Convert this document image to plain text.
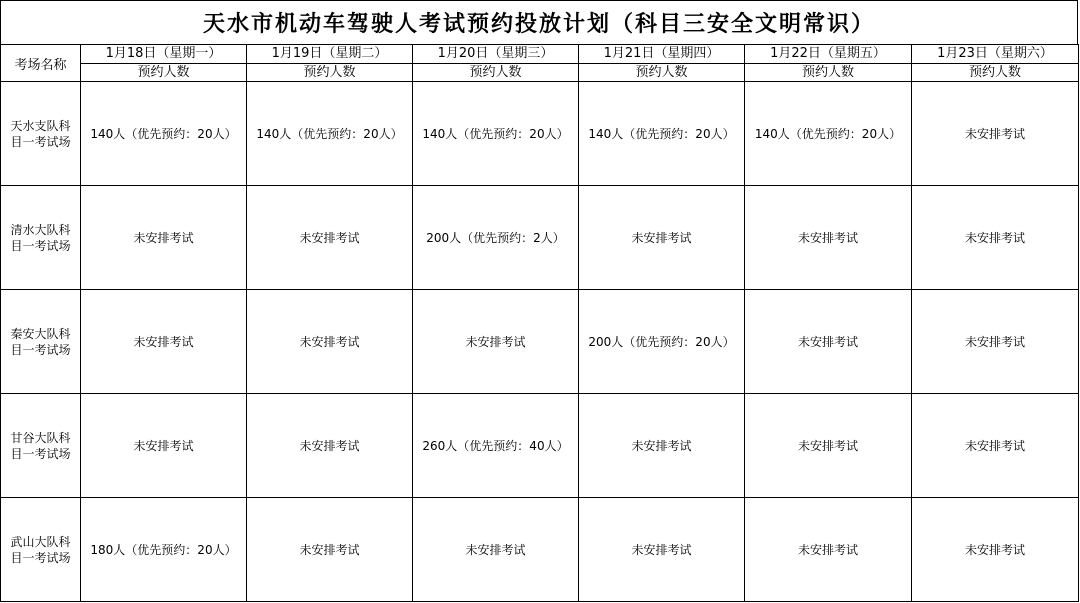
天水市机动车驾驶人考试预约投放计划（科目三安全文明常识）
考场名称	1月18日（星期一）	1月19日（星期二）	1月20日（星期三）	1月21日（星期四）	1月22日（星期五）	1月23日（星期六）
	预约人数	预约人数	预约人数	预约人数	预约人数	预约人数

天水支队科
目一考试场	140人（优先预约：20人）	140人（优先预约：20人）	140人（优先预约：20人）	140人（优先预约：20人）	140人（优先预约：20人）	未安排考试

清水大队科
目一考试场	未安排考试	未安排考试	200人（优先预约：2人）	未安排考试	未安排考试	未安排考试

秦安大队科
目一考试场	未安排考试	未安排考试	未安排考试	200人（优先预约：20人）	未安排考试	未安排考试

甘谷大队科
目一考试场	未安排考试	未安排考试	260人（优先预约：40人）	未安排考试	未安排考试	未安排考试

武山大队科
目一考试场	180人（优先预约：20人）	未安排考试	未安排考试	未安排考试	未安排考试	未安排考试
